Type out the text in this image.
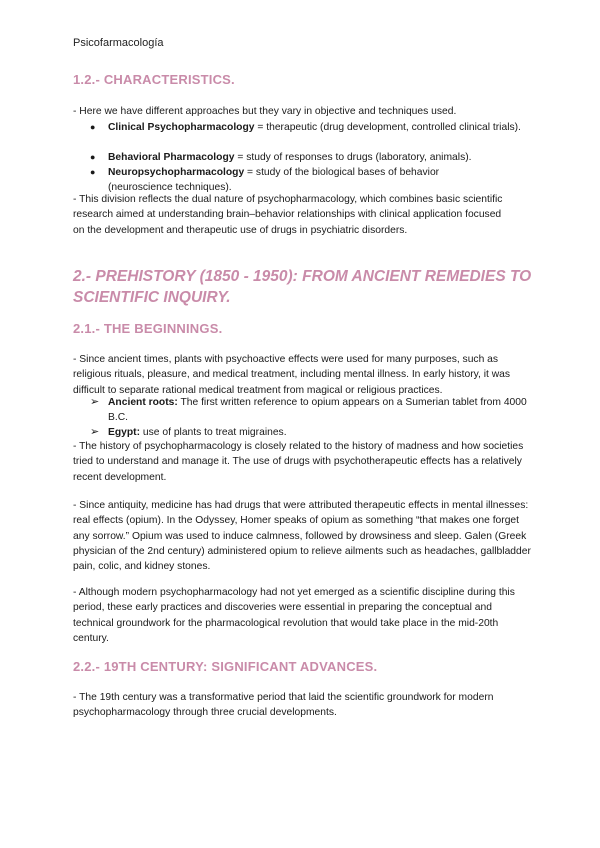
Psicofarmacología
1.2.- CHARACTERISTICS.
- Here we have different approaches but they vary in objective and techniques used.
● Clinical Psychopharmacology = therapeutic (drug development, controlled clinical trials).
● Behavioral Pharmacology = study of responses to drugs (laboratory, animals).
● Neuropsychopharmacology = study of the biological bases of behavior (neuroscience techniques).
- This division reflects the dual nature of psychopharmacology, which combines basic scientific research aimed at understanding brain–behavior relationships with clinical application focused on the development and therapeutic use of drugs in psychiatric disorders.
2.- PREHISTORY (1850 - 1950): FROM ANCIENT REMEDIES TO SCIENTIFIC INQUIRY.
2.1.- THE BEGINNINGS.
- Since ancient times, plants with psychoactive effects were used for many purposes, such as religious rituals, pleasure, and medical treatment, including mental illness. In early history, it was difficult to separate rational medical treatment from magical or religious practices.
➢ Ancient roots: The first written reference to opium appears on a Sumerian tablet from 4000 B.C.
➢ Egypt: use of plants to treat migraines.
- The history of psychopharmacology is closely related to the history of madness and how societies tried to understand and manage it. The use of drugs with psychotherapeutic effects has a relatively recent development.
- Since antiquity, medicine has had drugs that were attributed therapeutic effects in mental illnesses: real effects (opium). In the Odyssey, Homer speaks of opium as something “that makes one forget any sorrow.” Opium was used to induce calmness, followed by drowsiness and sleep. Galen (Greek physician of the 2nd century) administered opium to relieve ailments such as headaches, gallbladder pain, colic, and kidney stones.
- Although modern psychopharmacology had not yet emerged as a scientific discipline during this period, these early practices and discoveries were essential in preparing the conceptual and technical groundwork for the pharmacological revolution that would take place in the mid-20th century.
2.2.- 19TH CENTURY: SIGNIFICANT ADVANCES.
- The 19th century was a transformative period that laid the scientific groundwork for modern psychopharmacology through three crucial developments.
